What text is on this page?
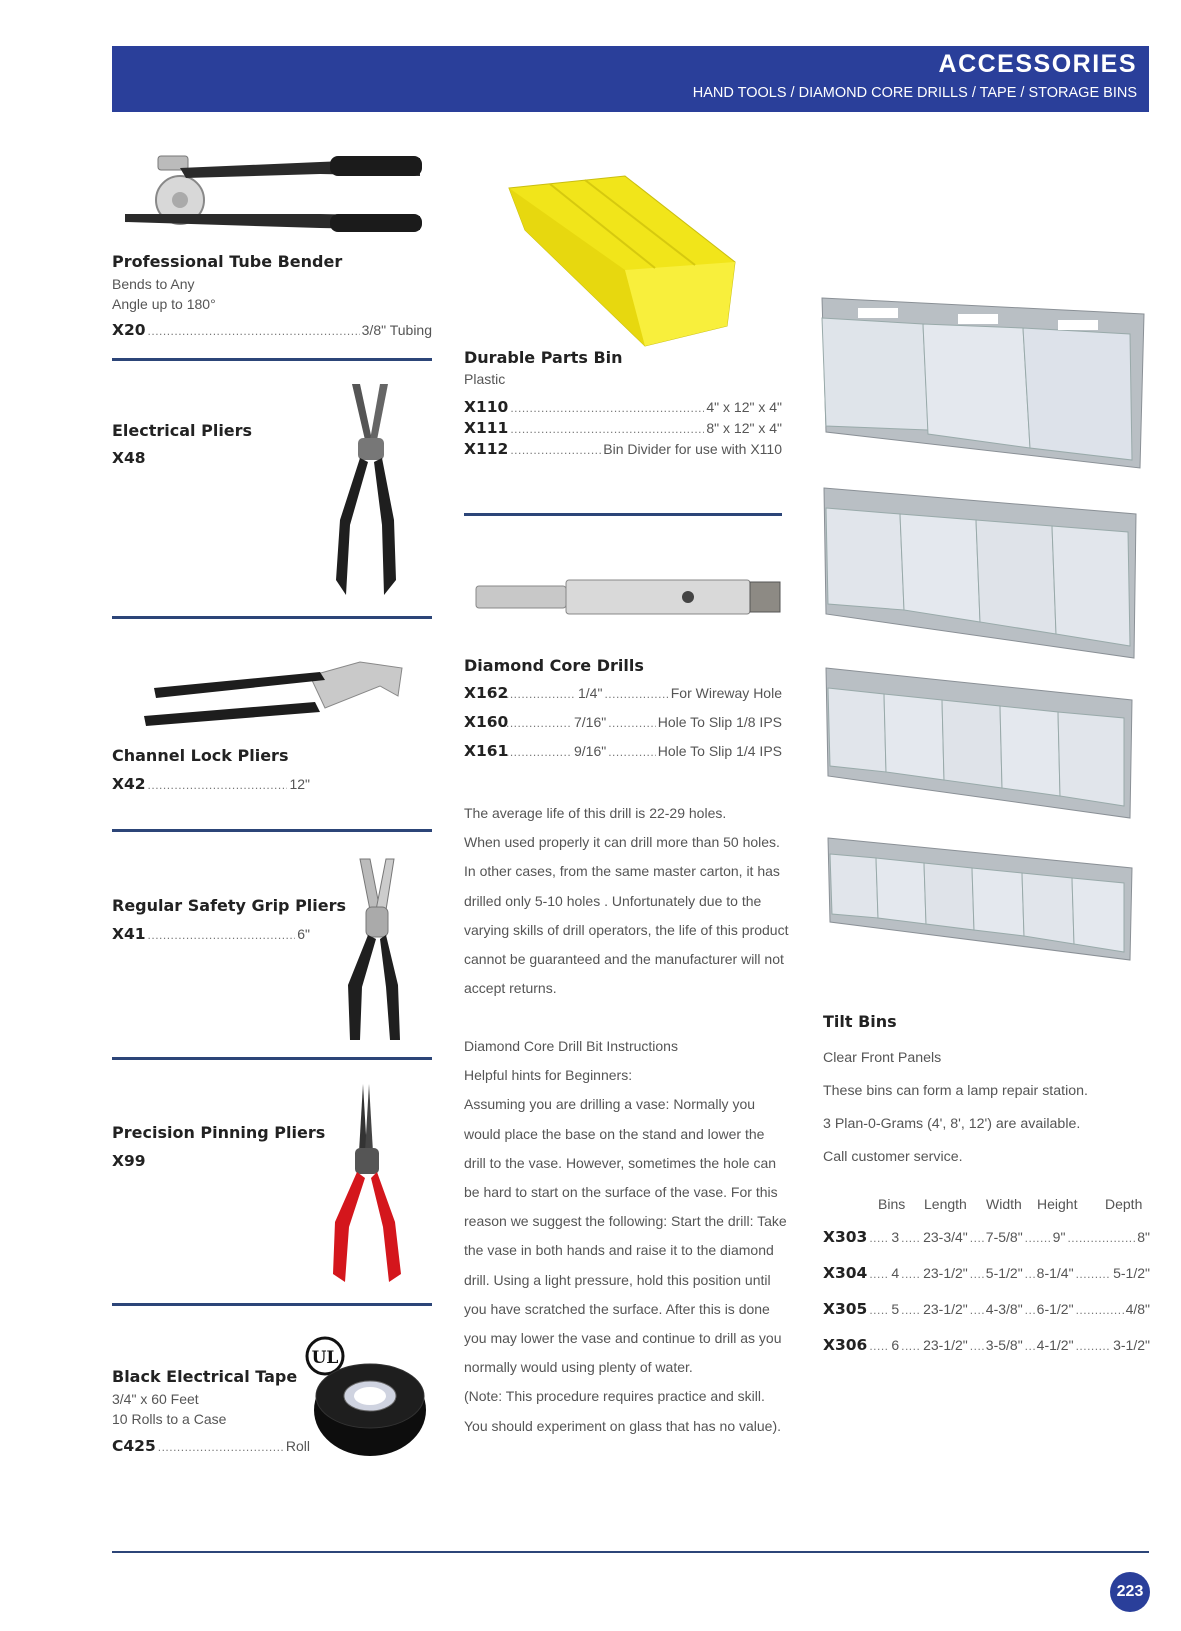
ACCESSORIES
HAND TOOLS / DIAMOND CORE DRILLS / TAPE / STORAGE BINS
Professional Tube Bender
Bends to Any
Angle up to 180°
X20 .....	3/8" Tubing
Electrical Pliers
X48
Channel Lock Pliers
X42 .....	12"
Regular Safety Grip Pliers
X41 .....	6"
Precision Pinning Pliers
X99
Black Electrical Tape
3/4" x 60 Feet
10 Rolls to a Case
C425 .....	Roll
UL
Durable Parts Bin
Plastic
X110 .....	4" x 12" x 4"
X111 .....	8" x 12" x 4"
X112 .....	Bin Divider for use with X110
Diamond Core Drills
X162 .....	1/4" .....	For Wireway Hole
X160 .....	7/16" .....	Hole To Slip 1/8 IPS
X161 .....	9/16" .....	Hole To Slip 1/4 IPS
The average life of this drill is 22-29 holes.
When used properly it can drill more than 50 holes.
In other cases, from the same master carton, it has
drilled only 5-10 holes . Unfortunately due to the
varying skills of drill operators, the life of this product
cannot be guaranteed and the manufacturer will not
accept returns.
Diamond Core Drill Bit Instructions
Helpful hints for Beginners:
Assuming you are drilling a vase: Normally you
would place the base on the stand and lower the
drill to the vase. However, sometimes the hole can
be hard to start on the surface of the vase. For this
reason we suggest the following: Start the drill: Take
the vase in both hands and raise it to the diamond
drill. Using a light pressure, hold this position until
you have scratched the surface. After this is done
you may lower the vase and continue to drill as you
normally would using plenty of water.
(Note: This procedure requires practice and skill.
You should experiment on glass that has no value).
Tilt Bins
Clear Front Panels
These bins can form a lamp repair station.
3 Plan-0-Grams (4', 8', 12') are available.
Call customer service.
Bins Length Width Height Depth
X303 ..... 3 ..... 23-3/4" ..... 7-5/8" ..... 9" .....	8"
X304 ..... 4 ..... 23-1/2" ..... 5-1/2" ..... 8-1/4" .....	5-1/2"
X305 ..... 5 ..... 23-1/2" ..... 4-3/8" ..... 6-1/2" .....	4/8"
X306 ..... 6 ..... 23-1/2" ..... 3-5/8" ..... 4-1/2" .....	3-1/2"
223
